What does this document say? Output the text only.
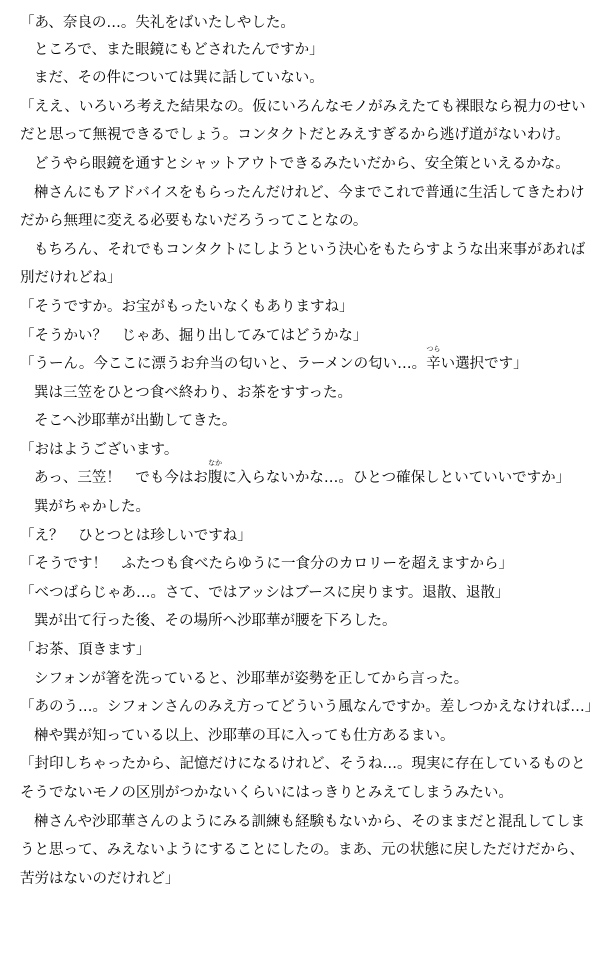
「あ、奈良の…。失礼をばいたしやした。
ところで、また眼鏡にもどされたんですか」
まだ、その件については巽に話していない。
「ええ、いろいろ考えた結果なの。仮にいろんなモノがみえたても裸眼なら視力のせい
だと思って無視できるでしょう。コンタクトだとみえすぎるから逃げ道がないわけ。
どうやら眼鏡を通すとシャットアウトできるみたいだから、安全策といえるかな。
榊さんにもアドバイスをもらったんだけれど、今までこれで普通に生活してきたわけ
だから無理に変える必要もないだろうってことなの。
もちろん、それでもコンタクトにしようという決心をもたらすような出来事があれば
別だけれどね」
「そうですか。お宝がもったいなくもありますね」
「そうかい？　じゃあ、掘り出してみてはどうかな」
「うーん。今ここに漂うお弁当の匂いと、ラーメンの匂い…。
つら
辛い選択です」
巽は三笠をひとつ食べ終わり、お茶をすすった。
そこへ沙耶華が出勤してきた。
「おはようございます。
あっ、三笠！　でも今はお
なか
腹に入らないかな…。ひとつ確保しといていいですか」
巽がちゃかした。
「え？　ひとつとは珍しいですね」
「そうです！　ふたつも食べたらゆうに一食分のカロリーを超えますから」
「べつばらじゃあ…。さて、ではアッシはブースに戻ります。退散、退散」
巽が出て行った後、その場所へ沙耶華が腰を下ろした。
「お茶、頂きます」
シフォンが箸を洗っていると、沙耶華が姿勢を正してから言った。
「あのう…。シフォンさんのみえ方ってどういう風なんですか。差しつかえなければ…」
榊や巽が知っている以上、沙耶華の耳に入っても仕方あるまい。
「封印しちゃったから、記憶だけになるけれど、そうね…。現実に存在しているものと
そうでないモノの区別がつかないくらいにはっきりとみえてしまうみたい。
榊さんや沙耶華さんのようにみる訓練も経験もないから、そのままだと混乱してしま
うと思って、みえないようにすることにしたの。まあ、元の状態に戻しただけだから、
苦労はないのだけれど」
